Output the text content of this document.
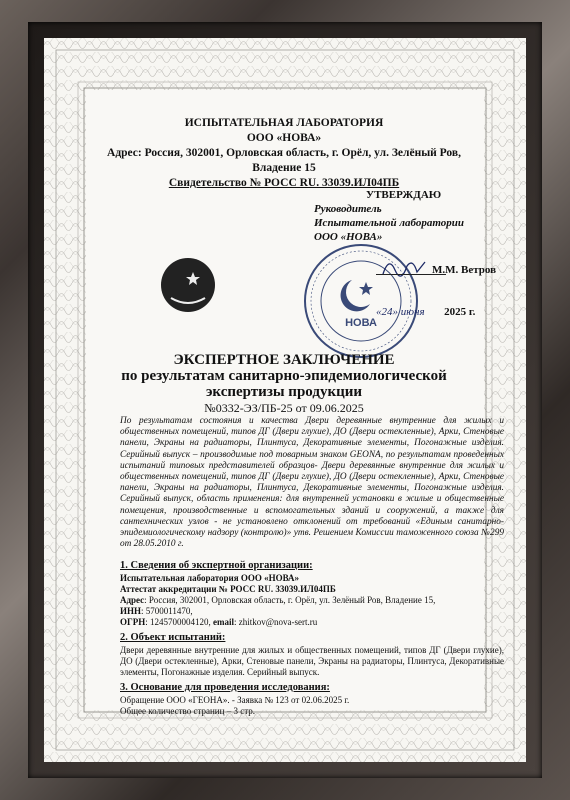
ИСПЫТАТЕЛЬНАЯ ЛАБОРАТОРИЯ
ООО «НОВА»
Адрес: Россия, 302001, Орловская область, г. Орёл, ул. Зелёный Ров,
Владение 15
Свидетельство № РОСС RU. 33039.ИЛ04ПБ
УТВЕРЖДАЮ
Руководитель
Испытательной лаборатории
ООО «НОВА»
НОВА
М.М. Ветров
«24» июня 2025 г.
ЭКСПЕРТНОЕ ЗАКЛЮЧЕНИЕ
по результатам санитарно-эпидемиологической
экспертизы продукции
№0332-ЭЗ/ПБ-25 от 09.06.2025
По результатам состояния и качества Двери деревянные внутренние для жилых и общественных помещений, типов ДГ (Двери глухие), ДО (Двери остекленные), Арки, Стеновые панели, Экраны на радиаторы, Плинтуса, Декоративные элементы, Погонажные изделия. Серийный выпуск – производимые под товарным знаком GEONA, по результатам проведенных испытаний типовых представителей образцов- Двери деревянные внутренние для жилых и общественных помещений, типов ДГ (Двери глухие), ДО (Двери остекленные), Арки, Стеновые панели, Экраны на радиаторы, Плинтуса, Декоративные элементы, Погонажные изделия. Серийный выпуск, область применения: для внутренней установки в жилые и общественные помещения, производственные и вспомогательных зданий и сооружений, а также для сантехнических узлов - не установлено отклонений от требований «Единым санитарно-эпидемиологическому надзору (контролю)» утв. Решением Комиссии таможенного союза №299 от 28.05.2010 г.
1. Сведения об экспертной организации:
Испытательная лаборатория ООО «НОВА»
Аттестат аккредитации № РОСС RU. 33039.ИЛ04ПБ
Адрес: Россия, 302001, Орловская область, г. Орёл, ул. Зелёный Ров, Владение 15,
ИНН: 5700011470,
ОГРН: 1245700004120, email: zhitkov@nova-sert.ru
2. Объект испытаний:
Двери деревянные внутренние для жилых и общественных помещений, типов ДГ (Двери глухие), ДО (Двери остекленные), Арки, Стеновые панели, Экраны на радиаторы, Плинтуса, Декоративные элементы, Погонажные изделия. Серийный выпуск.
3. Основание для проведения исследования:
Обращение ООО «ГЕОНА». - Заявка № 123 от 02.06.2025 г.
Общее количество страниц – 3 стр.
